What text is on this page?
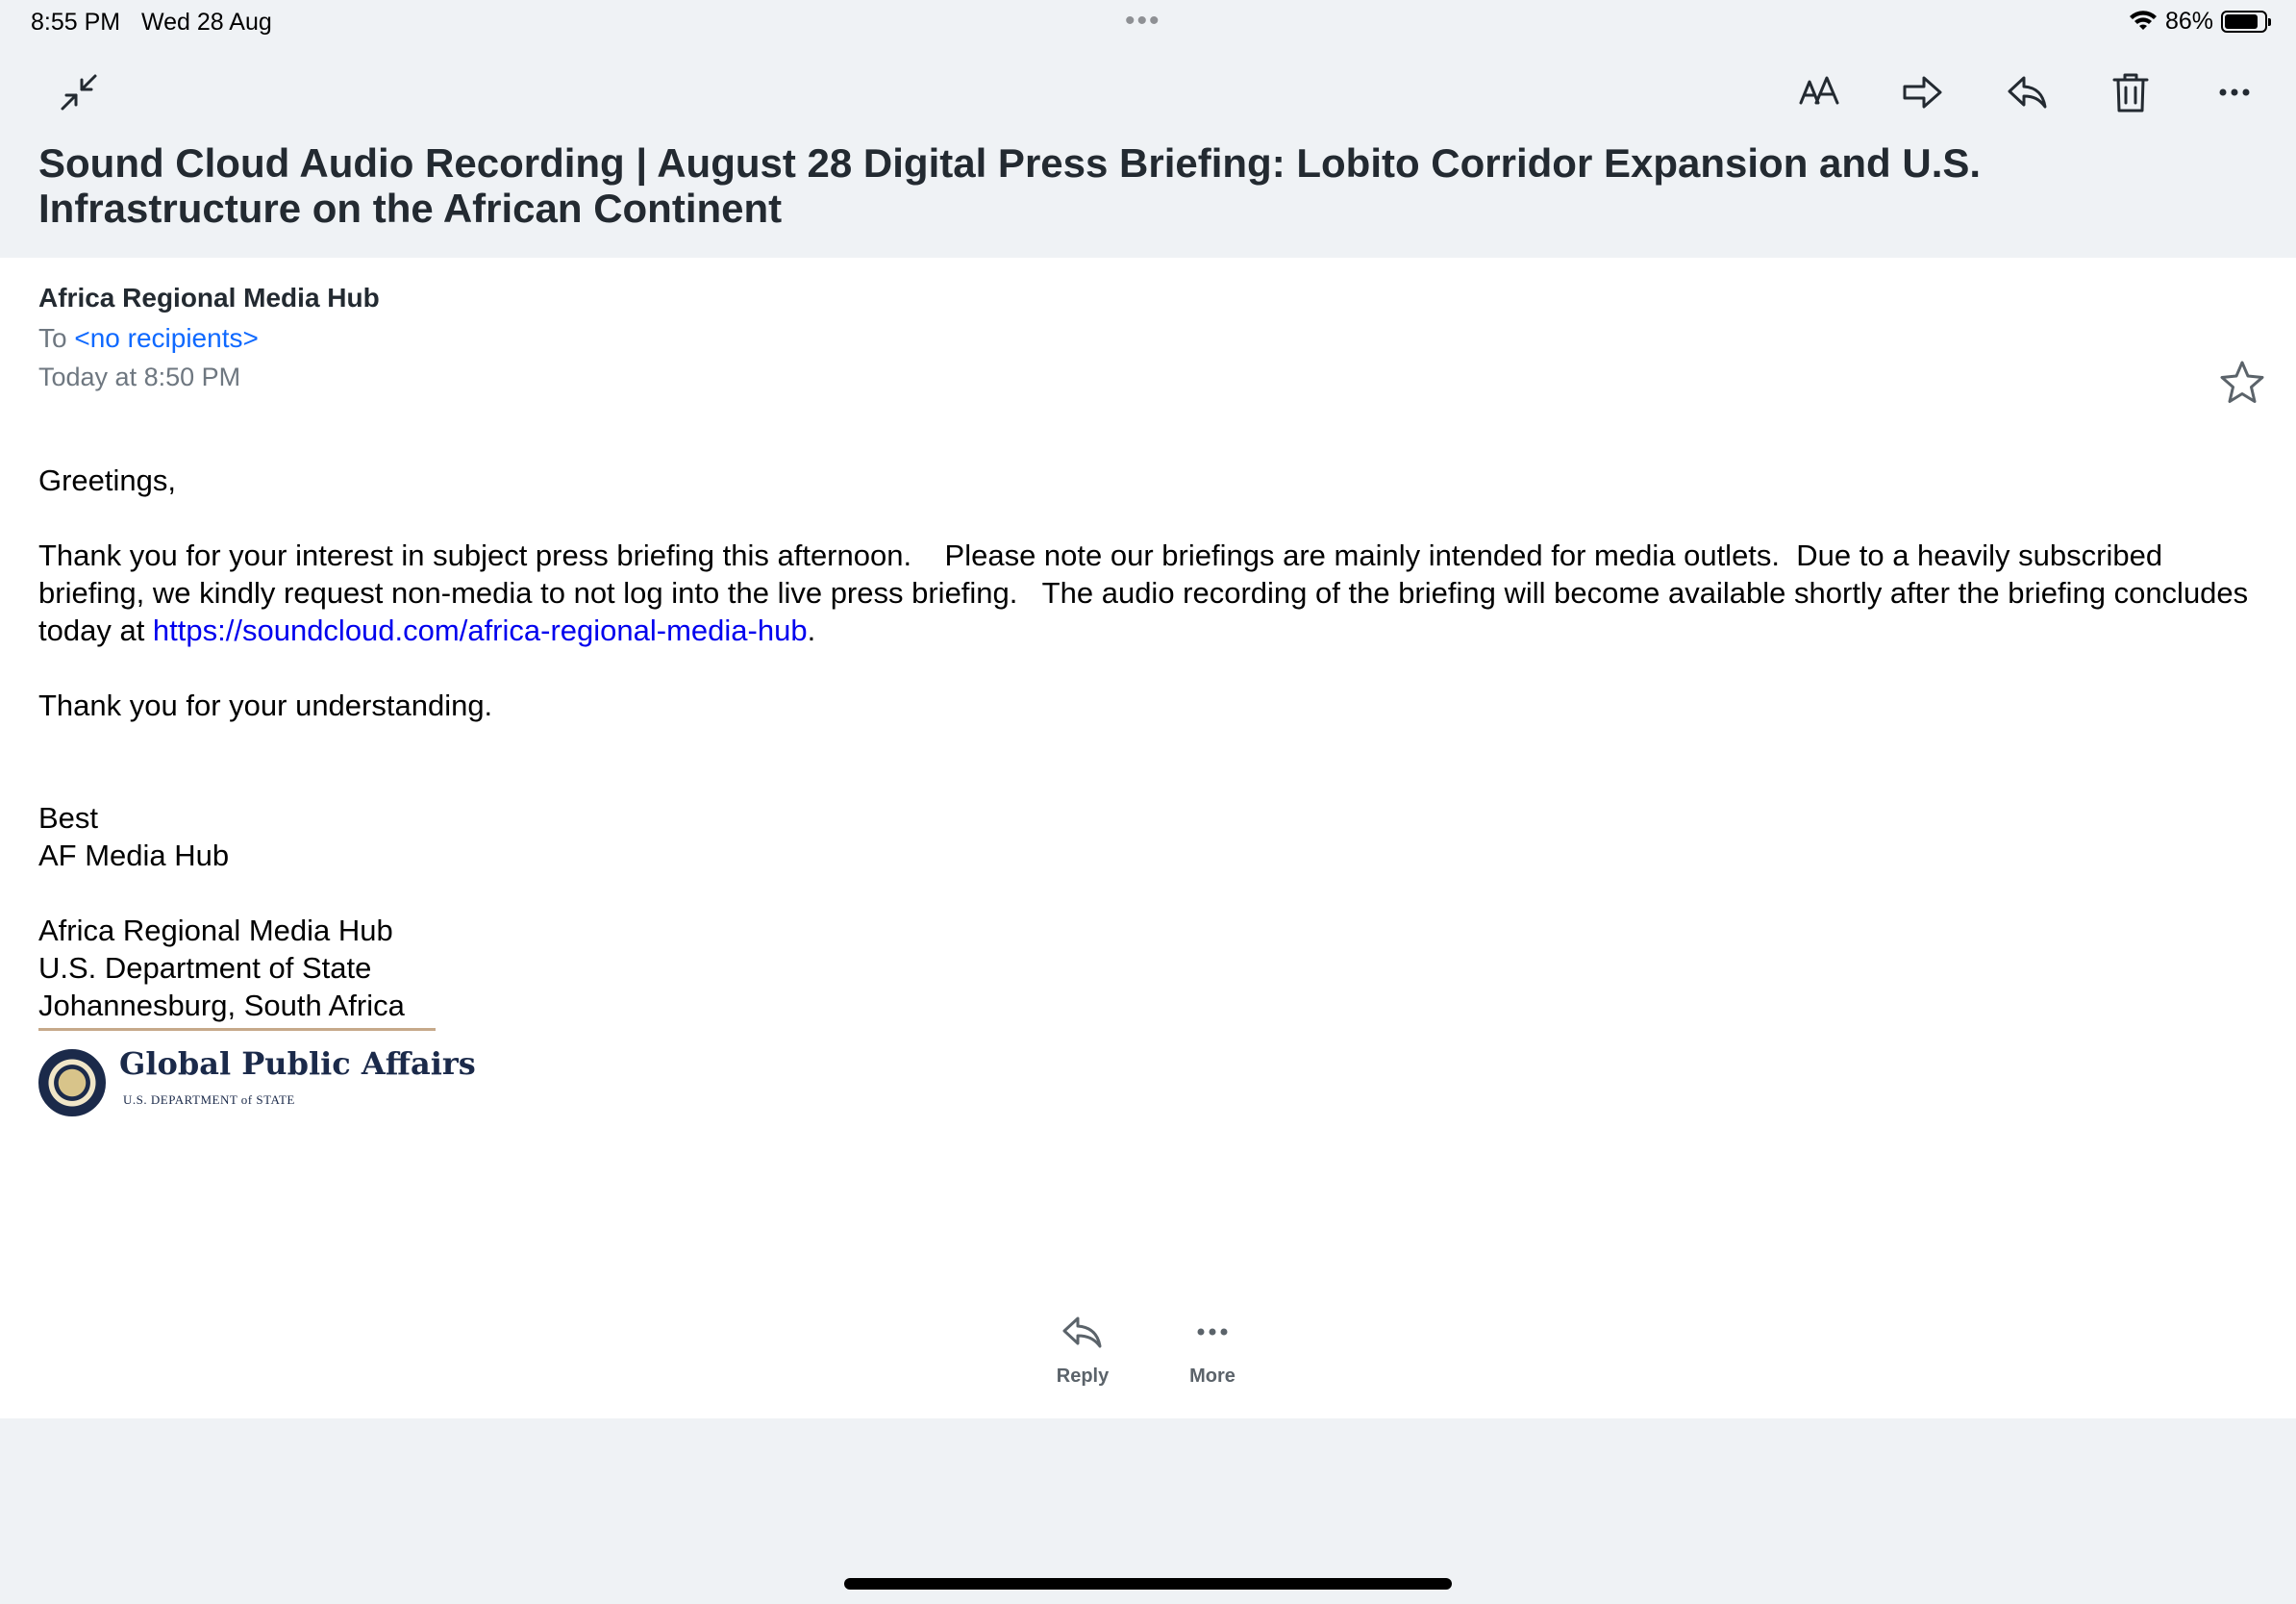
8:55 PM Wed 28 Aug	•••	86%
Sound Cloud Audio Recording | August 28 Digital Press Briefing: Lobito Corridor Expansion and U.S. Infrastructure on the African Continent
Africa Regional Media Hub
To <no recipients>
Today at 8:50 PM

Greetings,

Thank you for your interest in subject press briefing this afternoon.    Please note our briefings are mainly intended for media outlets.  Due to a heavily subscribed briefing, we kindly request non-media to not log into the live press briefing.   The audio recording of the briefing will become available shortly after the briefing concludes today at https://soundcloud.com/africa-regional-media-hub.

Thank you for your understanding.

Best

AF Media Hub

Africa Regional Media Hub

U.S. Department of State

Johannesburg, South Africa

Global Public Affairs
U.S. DEPARTMENT of STATE
Reply	More
